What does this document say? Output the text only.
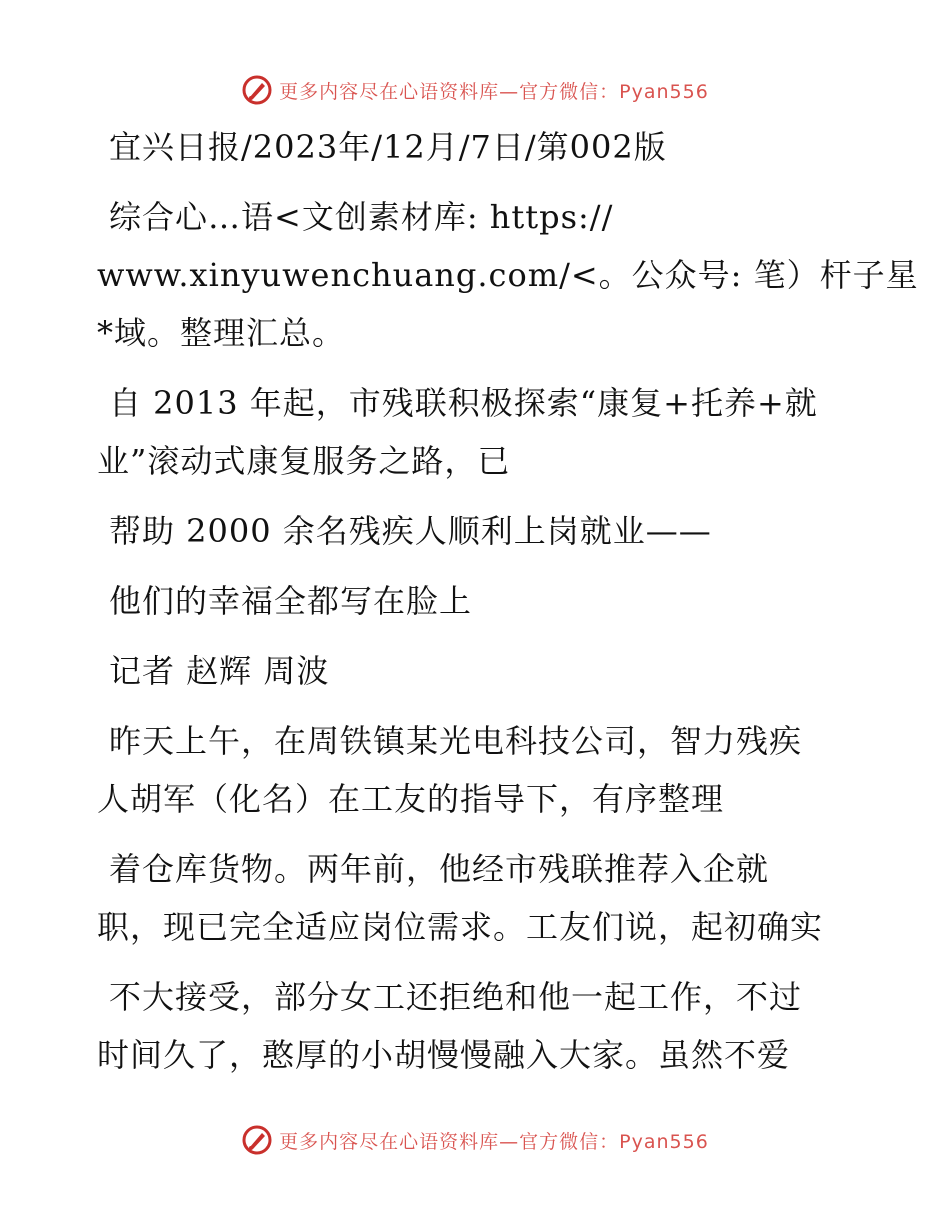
更多内容尽在心语资料库—官方微信：Pyan556
宜兴日报/2023年/12月/7日/第002版
综合心…语<文创素材库: https://
www.xinyuwenchuang.com/<。公众号: 笔）杆子星
*域。整理汇总。
自 2013 年起，市残联积极探索“康复+托养+就
业”滚动式康复服务之路，已
帮助 2000 余名残疾人顺利上岗就业——
他们的幸福全都写在脸上
记者 赵辉 周波
昨天上午，在周铁镇某光电科技公司，智力残疾
人胡军（化名）在工友的指导下，有序整理
着仓库货物。两年前，他经市残联推荐入企就
职，现已完全适应岗位需求。工友们说，起初确实
不大接受，部分女工还拒绝和他一起工作，不过
时间久了，憨厚的小胡慢慢融入大家。虽然不爱
更多内容尽在心语资料库—官方微信：Pyan556
